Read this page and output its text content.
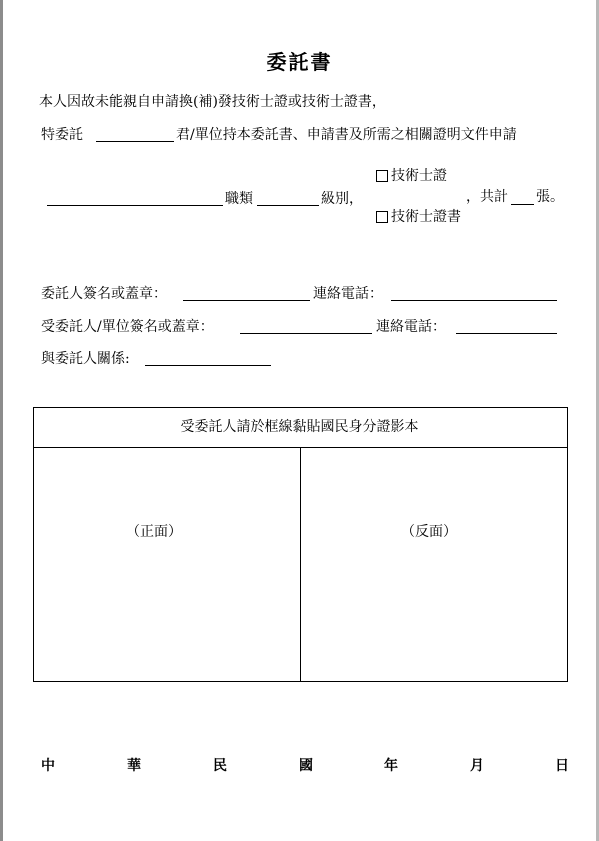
委託書
本人因故未能親自申請換(補)發技術士證或技術士證書，
特委託	君/單位持本委託書、申請書及所需之相關證明文件申請
職類	級別，
技術士證
技術士證書
，共計 張。
委託人簽名或蓋章：	連絡電話：
受委託人/單位簽名或蓋章：	連絡電話：
與委託人關係:
受委託人請於框線黏貼國民身分證影本
（正面）	（反面）
中	華	民	國	年	月	日
